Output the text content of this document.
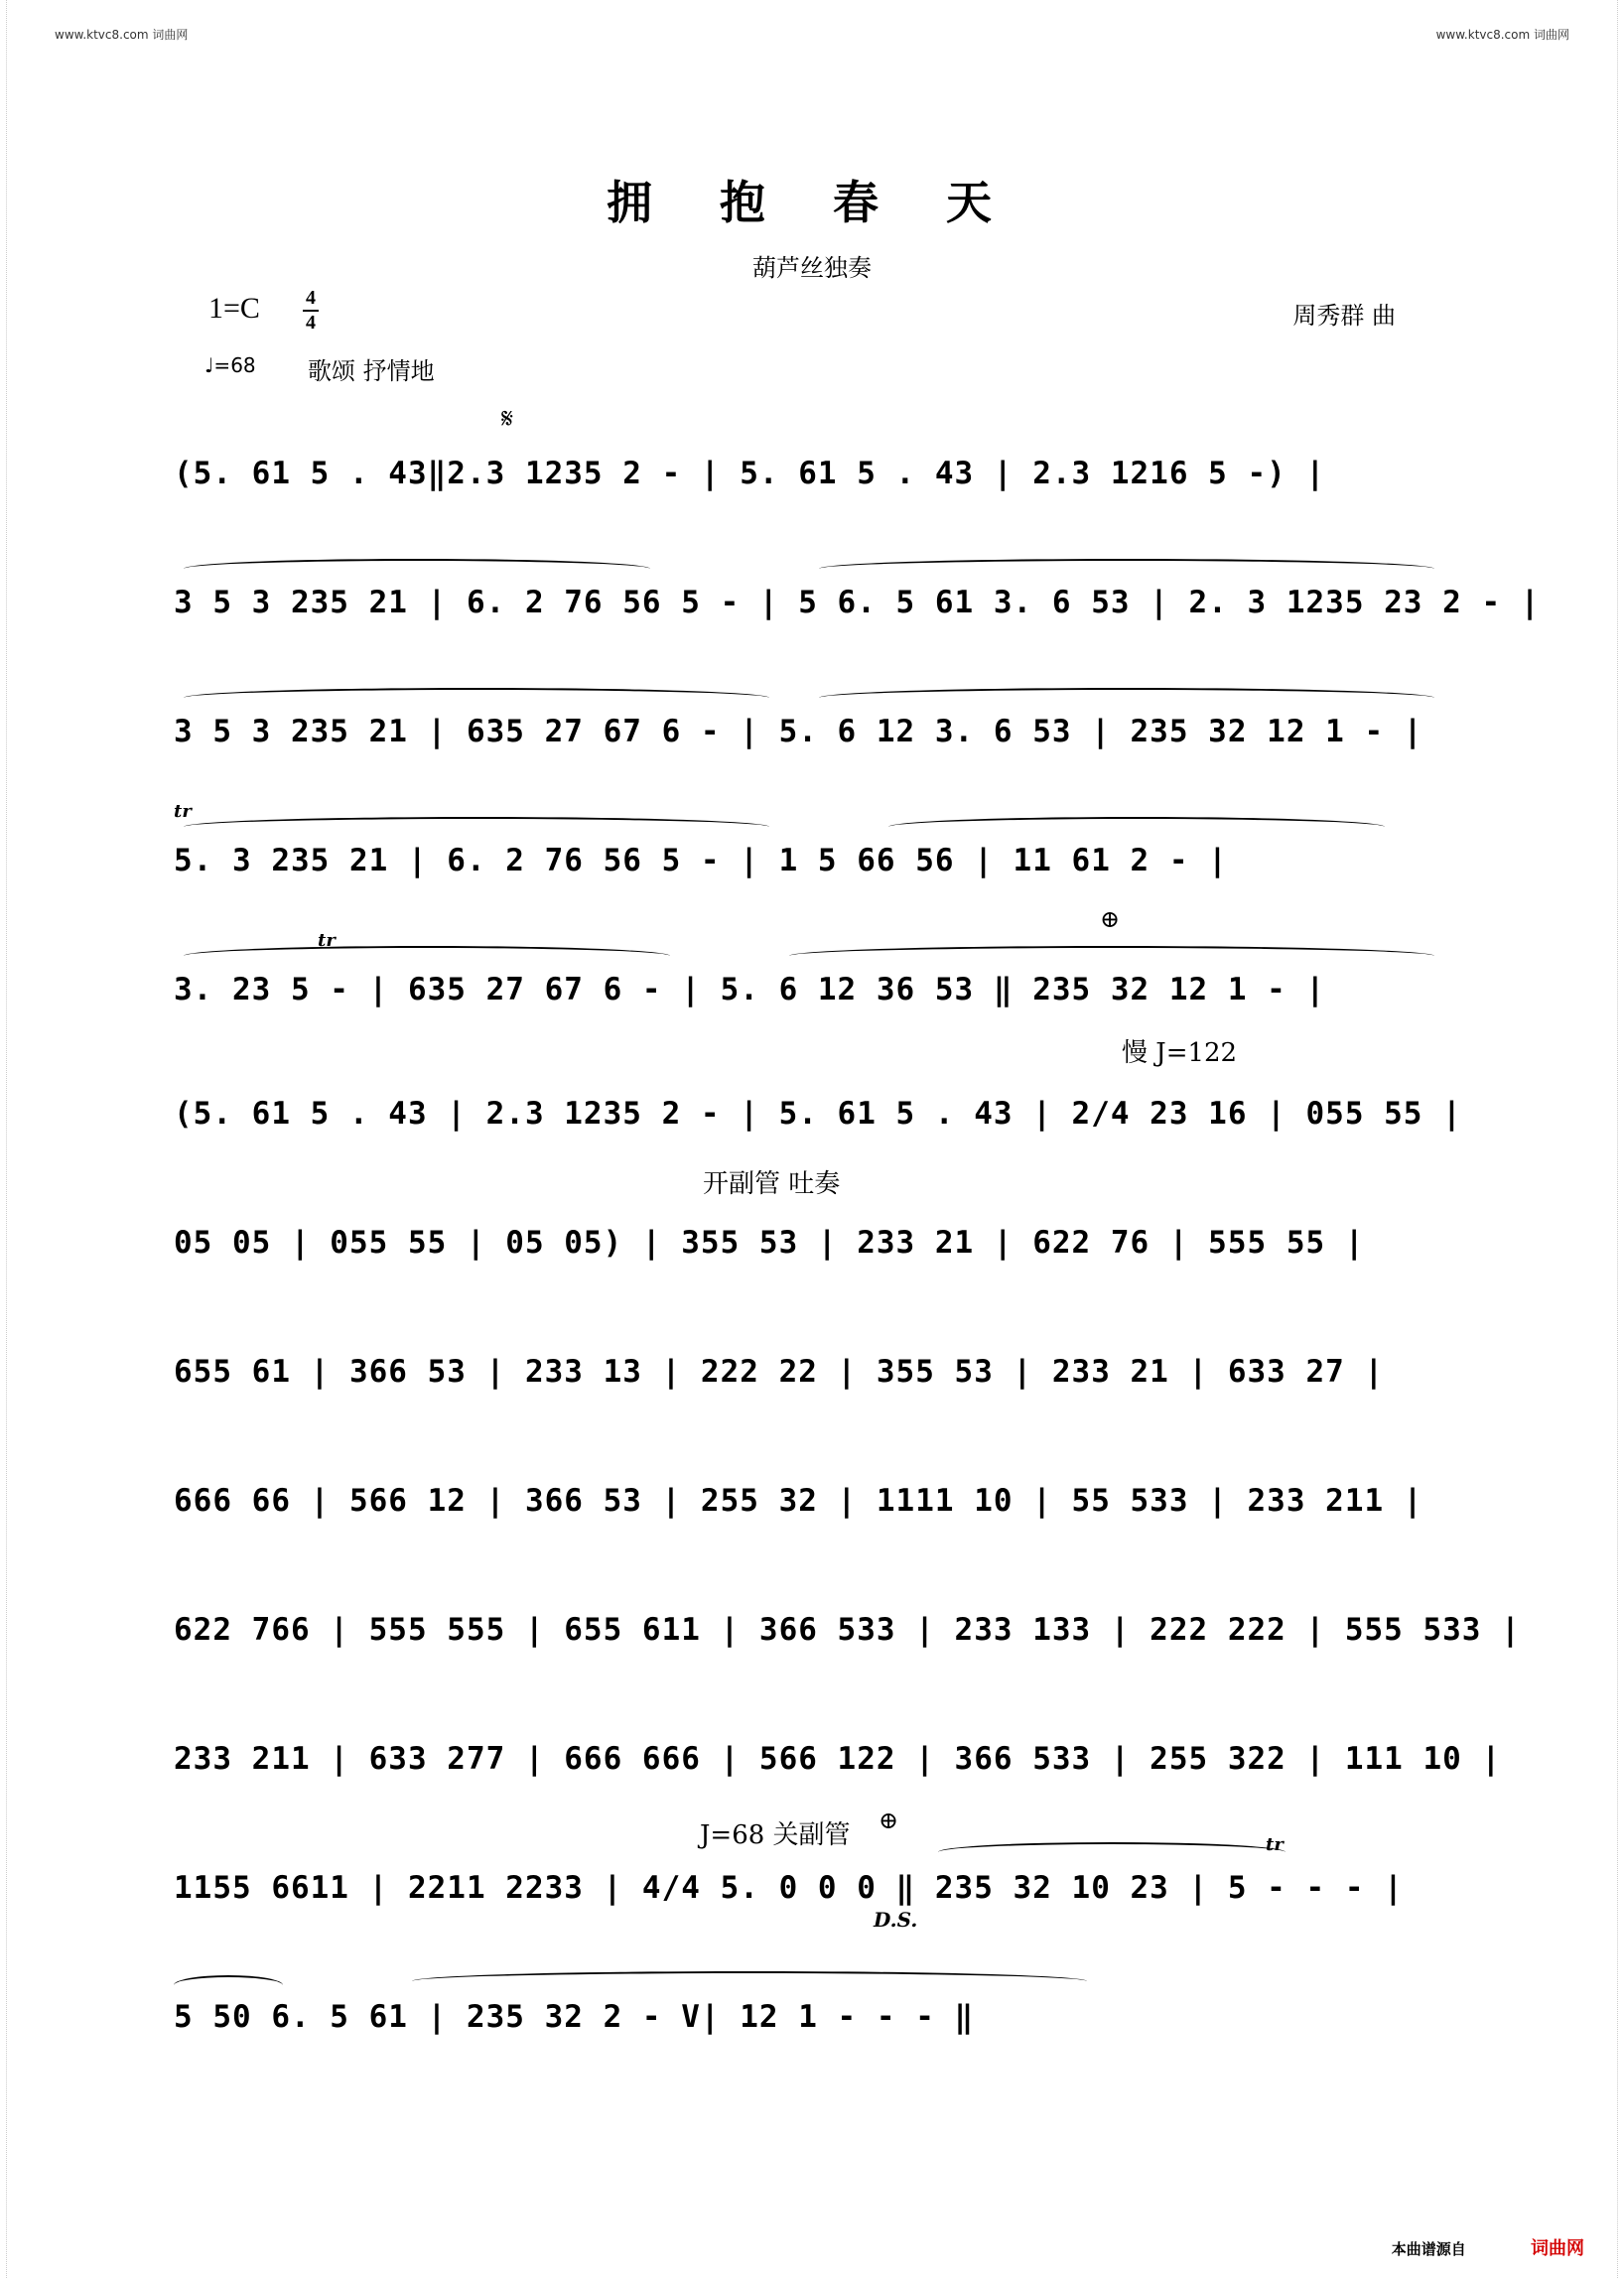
www.ktvc8.com 词曲网	www.ktvc8.com 词曲网
拥 抱 春 天
葫芦丝独奏
1=C 4
4	周秀群 曲
♩=68 歌颂 抒情地
(5. 61 5 . 43‖2.3 1235 2 - | 5. 61 5 . 43 | 2.3 1216 5 -) |
𝄋
3 5 3 235 21 | 6. 2 76 56 5 - | 5 6. 5 61 3. 6 53 | 2. 3 1235 23 2 - |
3 5 3 235 21 | 635 27 67 6 - | 5. 6 12 3. 6 53 | 235 32 12 1 - |
tr
5. 3 235 21 | 6. 2 76 56 5 - | 1 5 66 56 | 11 61 2 - |
tr
3. 23 5 - | 635 27 67 6 - | 5. 6 12 36 53 ‖ 235 32 12 1 - |
⊕
慢 J=122
(5. 61 5 . 43 | 2.3 1235 2 - | 5. 61 5 . 43 | 2/4 23 16 | 055 55 |
开副管 吐奏
05 05 | 055 55 | 05 05) | 355 53 | 233 21 | 622 76 | 555 55 |
655 61 | 366 53 | 233 13 | 222 22 | 355 53 | 233 21 | 633 27 |
666 66 | 566 12 | 366 53 | 255 32 | 1111 10 | 55 533 | 233 211 |
622 766 | 555 555 | 655 611 | 366 533 | 233 133 | 222 222 | 555 533 |
233 211 | 633 277 | 666 666 | 566 122 | 366 533 | 255 322 | 111 10 |
J=68 关副管 ⊕
tr
1155 6611 | 2211 2233 | 4/4 5. 0 0 0 ‖ 235 32 10 23 | 5 - - - |
D.S.
5 50 6. 5 61 | 235 32 2 - V| 12 1 - - - ‖
本曲谱源自	词曲网
